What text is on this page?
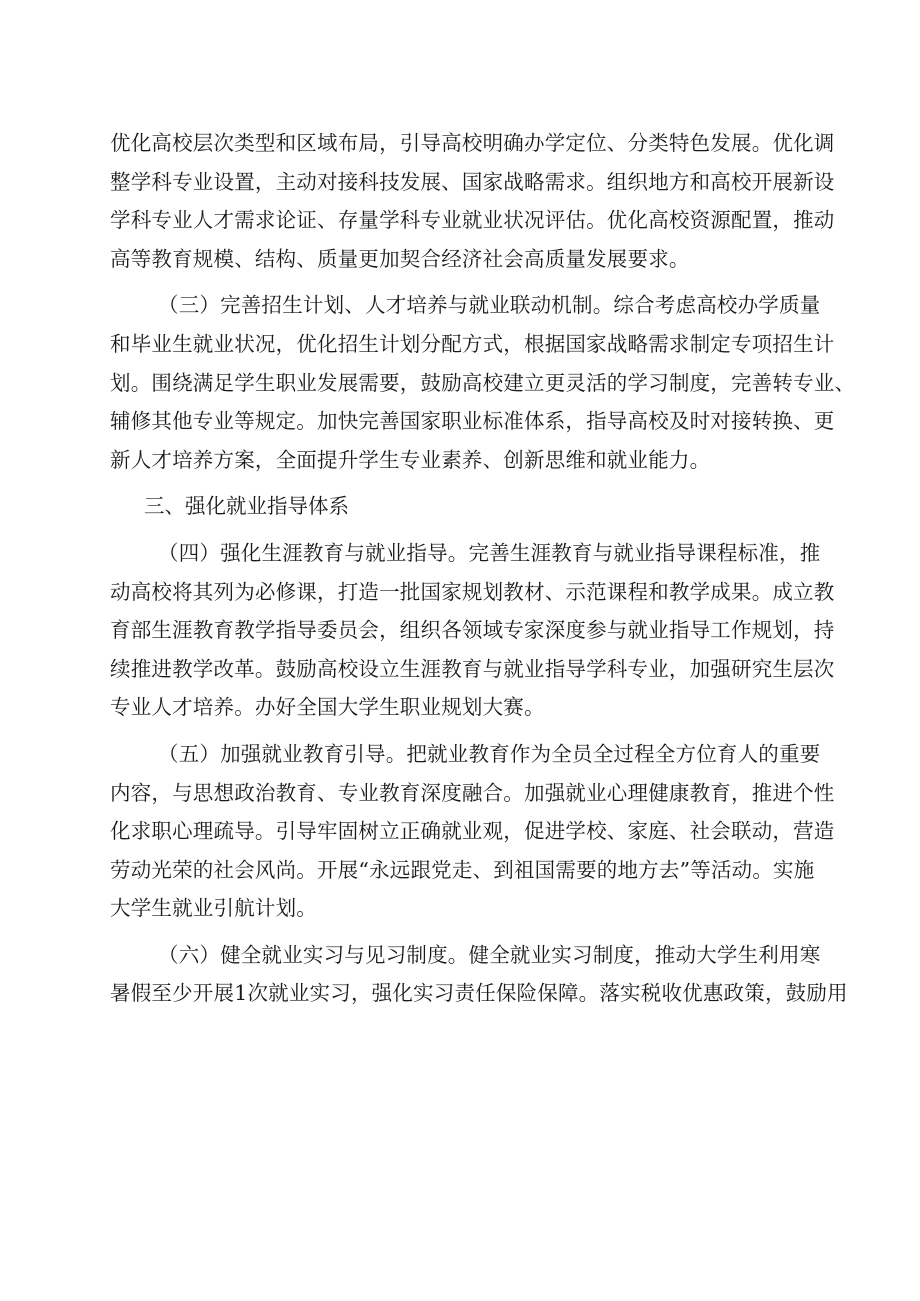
优化高校层次类型和区域布局，引导高校明确办学定位、分类特色发展。优化调
整学科专业设置，主动对接科技发展、国家战略需求。组织地方和高校开展新设
学科专业人才需求论证、存量学科专业就业状况评估。优化高校资源配置，推动
高等教育规模、结构、质量更加契合经济社会高质量发展要求。

（三）完善招生计划、人才培养与就业联动机制。综合考虑高校办学质量
和毕业生就业状况，优化招生计划分配方式，根据国家战略需求制定专项招生计
划。围绕满足学生职业发展需要，鼓励高校建立更灵活的学习制度，完善转专业、
辅修其他专业等规定。加快完善国家职业标准体系，指导高校及时对接转换、更
新人才培养方案，全面提升学生专业素养、创新思维和就业能力。

三、强化就业指导体系

（四）强化生涯教育与就业指导。完善生涯教育与就业指导课程标准，推
动高校将其列为必修课，打造一批国家规划教材、示范课程和教学成果。成立教
育部生涯教育教学指导委员会，组织各领域专家深度参与就业指导工作规划，持
续推进教学改革。鼓励高校设立生涯教育与就业指导学科专业，加强研究生层次
专业人才培养。办好全国大学生职业规划大赛。

（五）加强就业教育引导。把就业教育作为全员全过程全方位育人的重要
内容，与思想政治教育、专业教育深度融合。加强就业心理健康教育，推进个性
化求职心理疏导。引导牢固树立正确就业观，促进学校、家庭、社会联动，营造
劳动光荣的社会风尚。开展“永远跟党走、到祖国需要的地方去”等活动。实施
大学生就业引航计划。

（六）健全就业实习与见习制度。健全就业实习制度，推动大学生利用寒
暑假至少开展1次就业实习，强化实习责任保险保障。落实税收优惠政策，鼓励用
